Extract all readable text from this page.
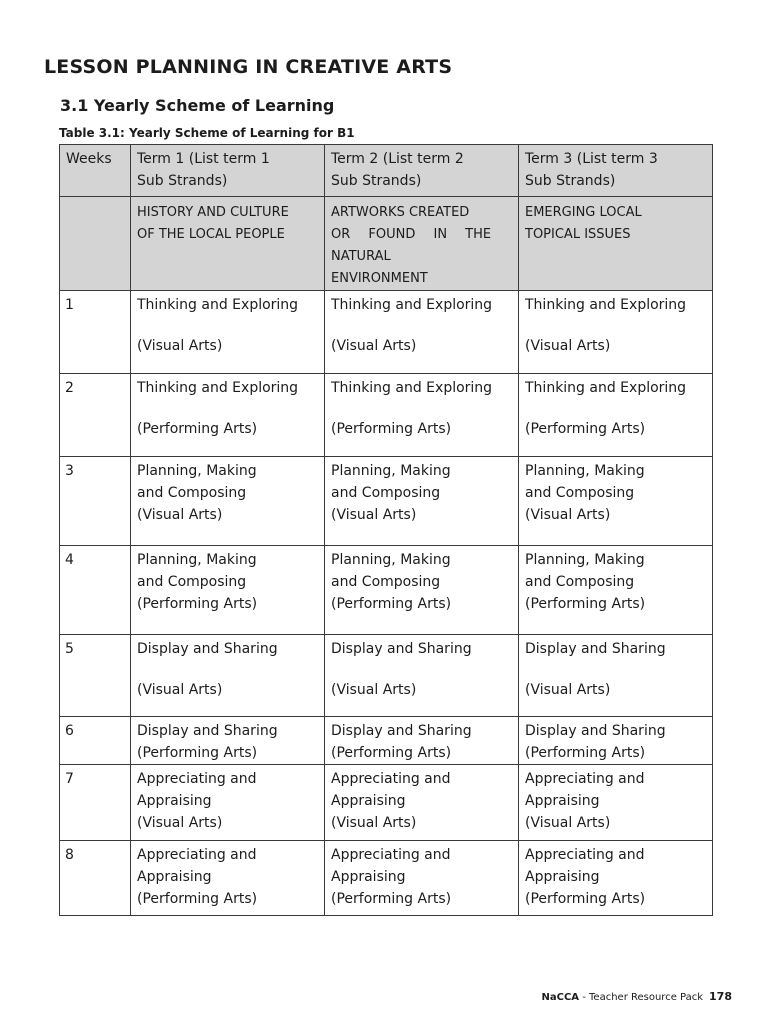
LESSON PLANNING IN CREATIVE ARTS
3.1 Yearly Scheme of Learning

Table 3.1: Yearly Scheme of Learning for B1

Weeks	Term 1 (List term 1
Sub Strands)	Term 2 (List term 2
Sub Strands)	Term 3 (List term 3
Sub Strands)

	HISTORY AND CULTURE
OF THE LOCAL PEOPLE	ARTWORKS CREATED
OR FOUND IN THE
NATURAL
ENVIRONMENT	EMERGING LOCAL
TOPICAL ISSUES

1	Thinking and Exploring
(Visual Arts)	Thinking and Exploring
(Visual Arts)	Thinking and Exploring
(Visual Arts)

2	Thinking and Exploring
(Performing Arts)	Thinking and Exploring
(Performing Arts)	Thinking and Exploring
(Performing Arts)

3	Planning, Making
and Composing
(Visual Arts)	Planning, Making
and Composing
(Visual Arts)	Planning, Making
and Composing
(Visual Arts)

4	Planning, Making
and Composing
(Performing Arts)	Planning, Making
and Composing
(Performing Arts)	Planning, Making
and Composing
(Performing Arts)

5	Display and Sharing
(Visual Arts)	Display and Sharing
(Visual Arts)	Display and Sharing
(Visual Arts)

6	Display and Sharing
(Performing Arts)	Display and Sharing
(Performing Arts)	Display and Sharing
(Performing Arts)

7	Appreciating and
Appraising
(Visual Arts)	Appreciating and
Appraising
(Visual Arts)	Appreciating and
Appraising
(Visual Arts)

8	Appreciating and
Appraising
(Performing Arts)	Appreciating and
Appraising
(Performing Arts)	Appreciating and
Appraising
(Performing Arts)
NaCCA - Teacher Resource Pack 178
